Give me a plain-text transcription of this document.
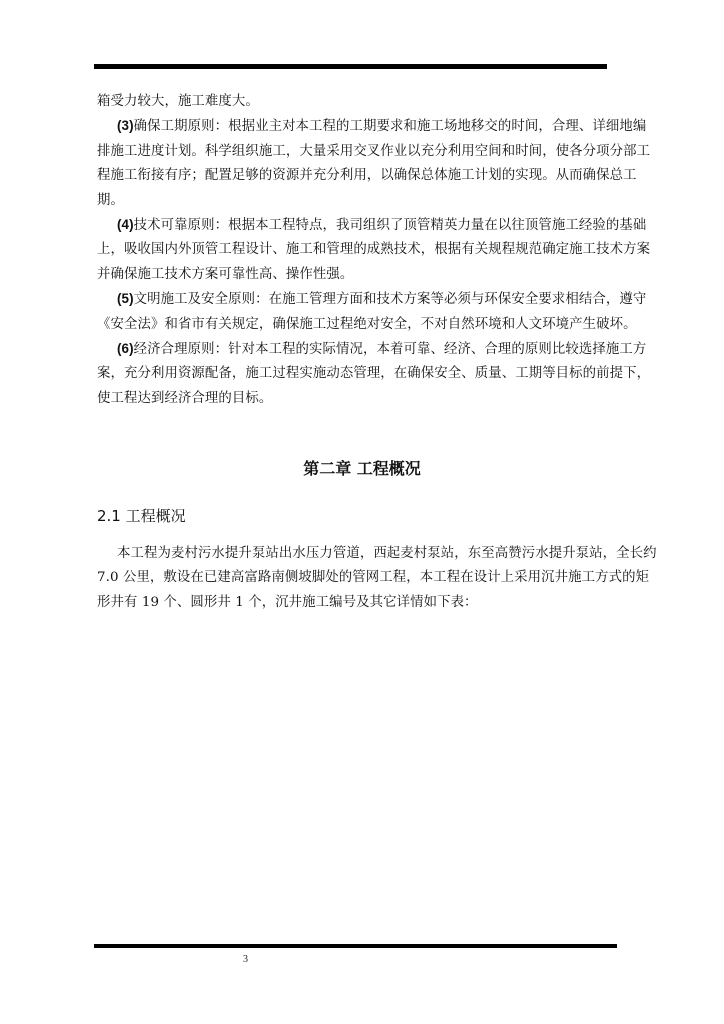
箱受力较大，施工难度大。

(3)确保工期原则：根据业主对本工程的工期要求和施工场地移交的时间，合理、详细地编排施工进度计划。科学组织施工，大量采用交叉作业以充分利用空间和时间，使各分项分部工程施工衔接有序；配置足够的资源并充分利用，以确保总体施工计划的实现。从而确保总工期。

(4)技术可靠原则：根据本工程特点，我司组织了顶管精英力量在以往顶管施工经验的基础上，吸收国内外顶管工程设计、施工和管理的成熟技术，根据有关规程规范确定施工技术方案并确保施工技术方案可靠性高、操作性强。

(5)文明施工及安全原则：在施工管理方面和技术方案等必须与环保安全要求相结合，遵守《安全法》和省市有关规定，确保施工过程绝对安全，不对自然环境和人文环境产生破坏。

(6)经济合理原则：针对本工程的实际情况，本着可靠、经济、合理的原则比较选择施工方案，充分利用资源配备，施工过程实施动态管理，在确保安全、质量、工期等目标的前提下，使工程达到经济合理的目标。

第二章 工程概况
2.1 工程概况

本工程为麦村污水提升泵站出水压力管道，西起麦村泵站，东至高赞污水提升泵站，全长约 7.0 公里，敷设在已建高富路南侧坡脚处的管网工程，本工程在设计上采用沉井施工方式的矩形井有 19 个、圆形井 1 个，沉井施工编号及其它详情如下表：

3
